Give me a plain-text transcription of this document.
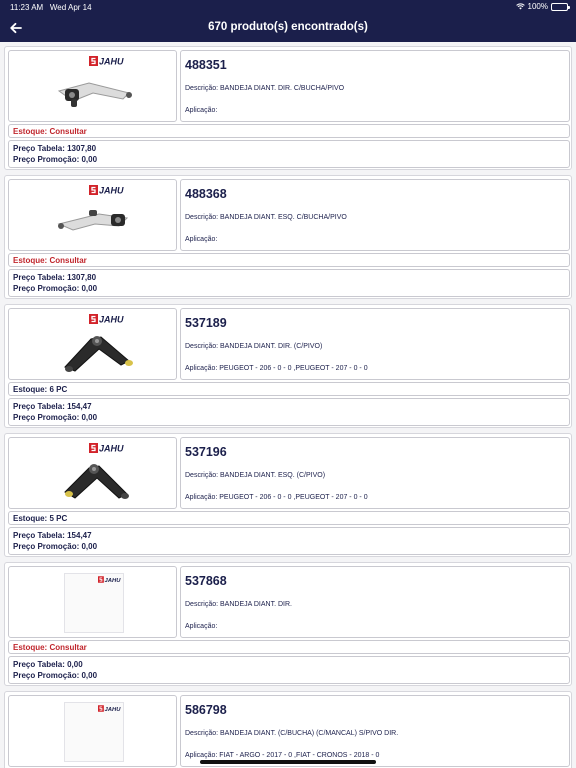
11:23 AM Wed Apr 14	100%
670 produto(s) encontrado(s)
JAHU	488351
Descrição: BANDEJA DIANT. DIR. C/BUCHA/PIVO
Aplicação:
Estoque: Consultar
Preço Tabela: 1307,80
Preço Promoção: 0,00
JAHU	488368
Descrição: BANDEJA DIANT. ESQ. C/BUCHA/PIVO
Aplicação:
Estoque: Consultar
Preço Tabela: 1307,80
Preço Promoção: 0,00
JAHU	537189
Descrição: BANDEJA DIANT. DIR. (C/PIVO)
Aplicação: PEUGEOT - 206 - 0 - 0 ,PEUGEOT - 207 - 0 - 0
Estoque: 6 PC
Preço Tabela: 154,47
Preço Promoção: 0,00
JAHU	537196
Descrição: BANDEJA DIANT. ESQ. (C/PIVO)
Aplicação: PEUGEOT - 206 - 0 - 0 ,PEUGEOT - 207 - 0 - 0
Estoque: 5 PC
Preço Tabela: 154,47
Preço Promoção: 0,00
JAHU	537868
Descrição: BANDEJA DIANT. DIR.
Aplicação:
Estoque: Consultar
Preço Tabela: 0,00
Preço Promoção: 0,00
JAHU	586798
Descrição: BANDEJA DIANT. (C/BUCHA) (C/MANCAL) S/PIVO DIR.
Aplicação: FIAT - ARGO - 2017 - 0 ,FIAT - CRONOS - 2018 - 0
